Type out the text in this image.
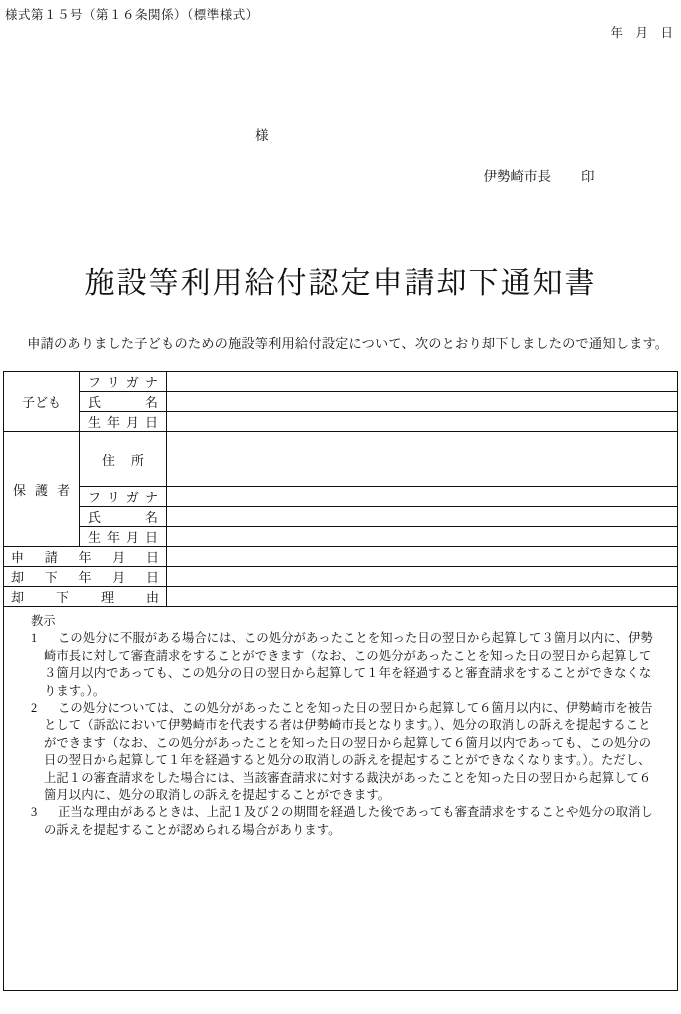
様式第１５号（第１６条関係）（標準様式）
年　月　日
様

伊勢崎市長 印

施設等利用給付認定申請却下通知書

申請のありました子どものための施設等利用給付設定について、次のとおり却下しましたので通知します。

子ども	フリガナ	
	氏名	
	生年月日	
保護者	住所	
	フリガナ	
	氏名	
	生年月日	
申請年月日		
却下年月日		
却下理由		

教示
1 この処分に不服がある場合には、この処分があったことを知った日の翌日から起算して３箇月以内に、伊勢崎市長に対して審査請求をすることができます（なお、この処分があったことを知った日の翌日から起算して３箇月以内であっても、この処分の日の翌日から起算して１年を経過すると審査請求をすることができなくなります。）。
2 この処分については、この処分があったことを知った日の翌日から起算して６箇月以内に、伊勢崎市を被告として（訴訟において伊勢崎市を代表する者は伊勢崎市長となります。）、処分の取消しの訴えを提起することができます（なお、この処分があったことを知った日の翌日から起算して６箇月以内であっても、この処分の日の翌日から起算して１年を経過すると処分の取消しの訴えを提起することができなくなります。）。ただし、上記１の審査請求をした場合には、当該審査請求に対する裁決があったことを知った日の翌日から起算して６箇月以内に、処分の取消しの訴えを提起することができます。
3 正当な理由があるときは、上記１及び２の期間を経過した後であっても審査請求をすることや処分の取消しの訴えを提起することが認められる場合があります。		
